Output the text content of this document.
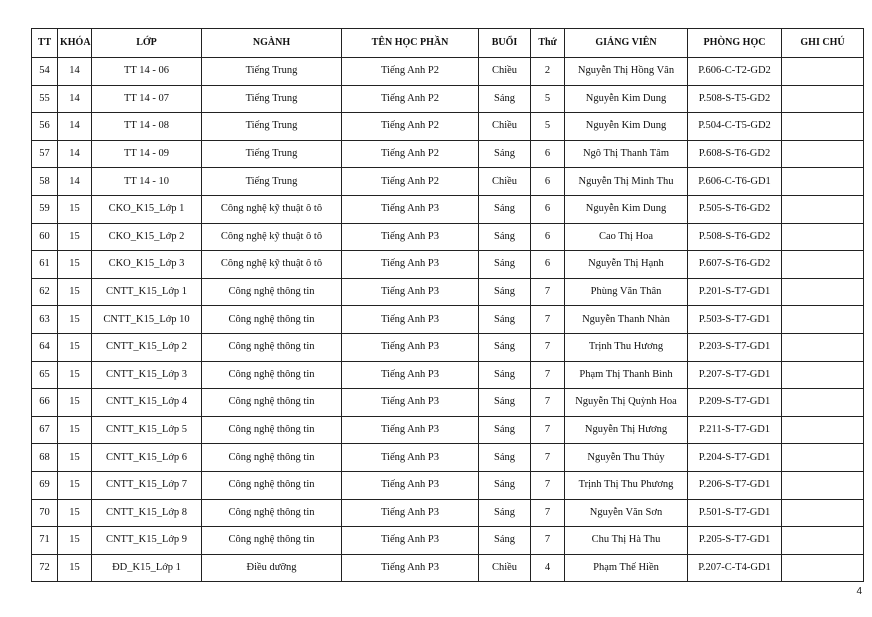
TT	KHÓA	LỚP	NGÀNH	TÊN HỌC PHẦN	BUỔI	Thứ	GIẢNG VIÊN	PHÒNG HỌC	GHI CHÚ
54	14	TT 14 - 06	Tiếng Trung	Tiếng Anh P2	Chiều	2	Nguyễn Thị Hồng Vân	P.606-C-T2-GD2	
55	14	TT 14 - 07	Tiếng Trung	Tiếng Anh P2	Sáng	5	Nguyễn Kim Dung	P.508-S-T5-GD2	
56	14	TT 14 - 08	Tiếng Trung	Tiếng Anh P2	Chiều	5	Nguyễn Kim Dung	P.504-C-T5-GD2	
57	14	TT 14 - 09	Tiếng Trung	Tiếng Anh P2	Sáng	6	Ngô Thị Thanh Tâm	P.608-S-T6-GD2	
58	14	TT 14 - 10	Tiếng Trung	Tiếng Anh P2	Chiều	6	Nguyễn Thị Minh Thu	P.606-C-T6-GD1	
59	15	CKO_K15_Lớp 1	Công nghệ kỹ thuật ô tô	Tiếng Anh P3	Sáng	6	Nguyễn Kim Dung	P.505-S-T6-GD2	
60	15	CKO_K15_Lớp 2	Công nghệ kỹ thuật ô tô	Tiếng Anh P3	Sáng	6	Cao Thị Hoa	P.508-S-T6-GD2	
61	15	CKO_K15_Lớp 3	Công nghệ kỹ thuật ô tô	Tiếng Anh P3	Sáng	6	Nguyễn Thị Hạnh	P.607-S-T6-GD2	
62	15	CNTT_K15_Lớp 1	Công nghệ thông tin	Tiếng Anh P3	Sáng	7	Phùng Văn Thân	P.201-S-T7-GD1	
63	15	CNTT_K15_Lớp 10	Công nghệ thông tin	Tiếng Anh P3	Sáng	7	Nguyễn Thanh Nhàn	P.503-S-T7-GD1	
64	15	CNTT_K15_Lớp 2	Công nghệ thông tin	Tiếng Anh P3	Sáng	7	Trịnh Thu Hương	P.203-S-T7-GD1	
65	15	CNTT_K15_Lớp 3	Công nghệ thông tin	Tiếng Anh P3	Sáng	7	Phạm Thị Thanh Bình	P.207-S-T7-GD1	
66	15	CNTT_K15_Lớp 4	Công nghệ thông tin	Tiếng Anh P3	Sáng	7	Nguyễn Thị Quỳnh Hoa	P.209-S-T7-GD1	
67	15	CNTT_K15_Lớp 5	Công nghệ thông tin	Tiếng Anh P3	Sáng	7	Nguyễn Thị Hương	P.211-S-T7-GD1	
68	15	CNTT_K15_Lớp 6	Công nghệ thông tin	Tiếng Anh P3	Sáng	7	Nguyễn Thu Thủy	P.204-S-T7-GD1	
69	15	CNTT_K15_Lớp 7	Công nghệ thông tin	Tiếng Anh P3	Sáng	7	Trịnh Thị Thu Phương	P.206-S-T7-GD1	
70	15	CNTT_K15_Lớp 8	Công nghệ thông tin	Tiếng Anh P3	Sáng	7	Nguyễn Văn Sơn	P.501-S-T7-GD1	
71	15	CNTT_K15_Lớp 9	Công nghệ thông tin	Tiếng Anh P3	Sáng	7	Chu Thị Hà Thu	P.205-S-T7-GD1	
72	15	ĐD_K15_Lớp 1	Điều dưỡng	Tiếng Anh P3	Chiều	4	Phạm Thế Hiền	P.207-C-T4-GD1	
4
